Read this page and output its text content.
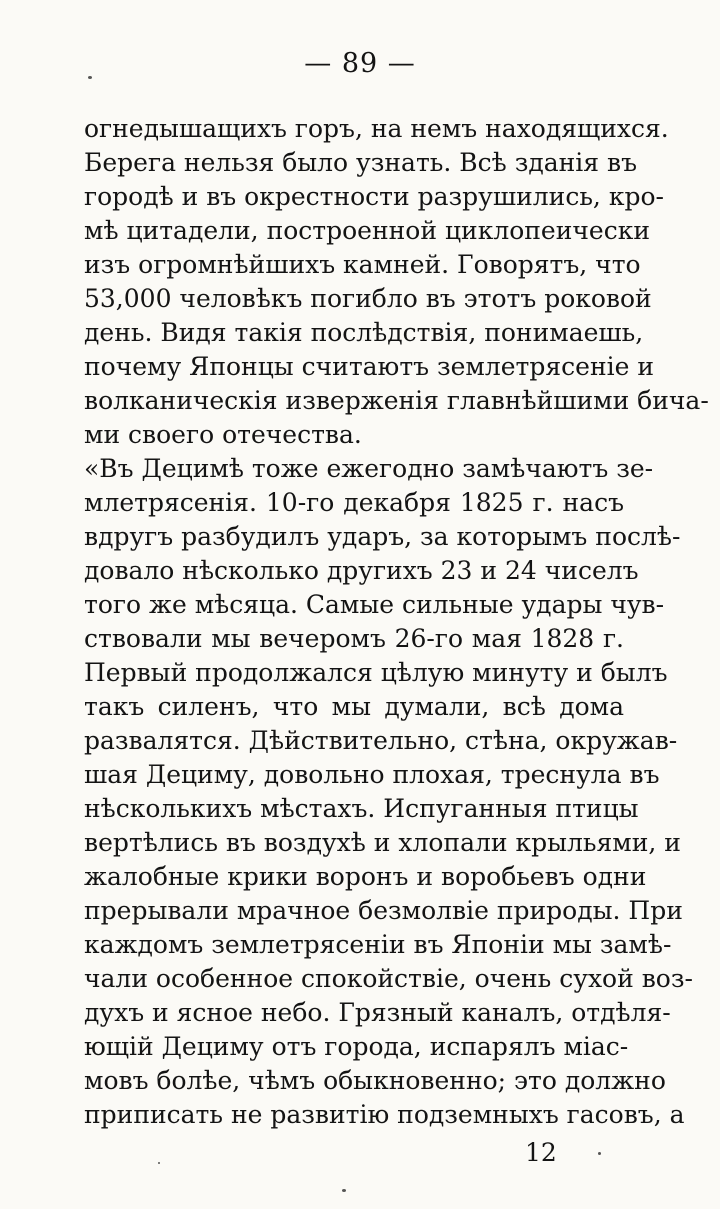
— 89 —
огнедышащихъ горъ, на немъ находящихся.
Берега нельзя было узнать. Всѣ зданія въ
городѣ и въ окрестности разрушились, кро-
мѣ цитадели, построенной циклопеически
изъ огромнѣйшихъ камней. Говорятъ, что
53,000 человѣкъ погибло въ этотъ роковой
день. Видя такія послѣдствія, понимаешь,
почему Японцы считаютъ землетрясеніе и
волканическія изверженія главнѣйшими бича-
ми своего отечества.
«Въ Децимѣ тоже ежегодно замѣчаютъ зе-
млетрясенія. 10-го декабря 1825 г. насъ
вдругъ разбудилъ ударъ, за которымъ послѣ-
довало нѣсколько другихъ 23 и 24 чиселъ
того же мѣсяца. Самые сильные удары чув-
ствовали мы вечеромъ 26-го мая 1828 г.
Первый продолжался цѣлую минуту и былъ
такъ силенъ, что мы думали, всѣ дома
развалятся. Дѣйствительно, стѣна, окружав-
шая Дециму, довольно плохая, треснула въ
нѣсколькихъ мѣстахъ. Испуганныя птицы
вертѣлись въ воздухѣ и хлопали крыльями, и
жалобные крики воронъ и воробьевъ одни
прерывали мрачное безмолвіе природы. При
каждомъ землетрясеніи въ Японіи мы замѣ-
чали особенное спокойствіе, очень сухой воз-
духъ и ясное небо. Грязный каналъ, отдѣля-
ющій Дециму отъ города, испарялъ міас-
мовъ болѣе, чѣмъ обыкновенно; это должно
приписать не развитію подземныхъ гасовъ, а
12
